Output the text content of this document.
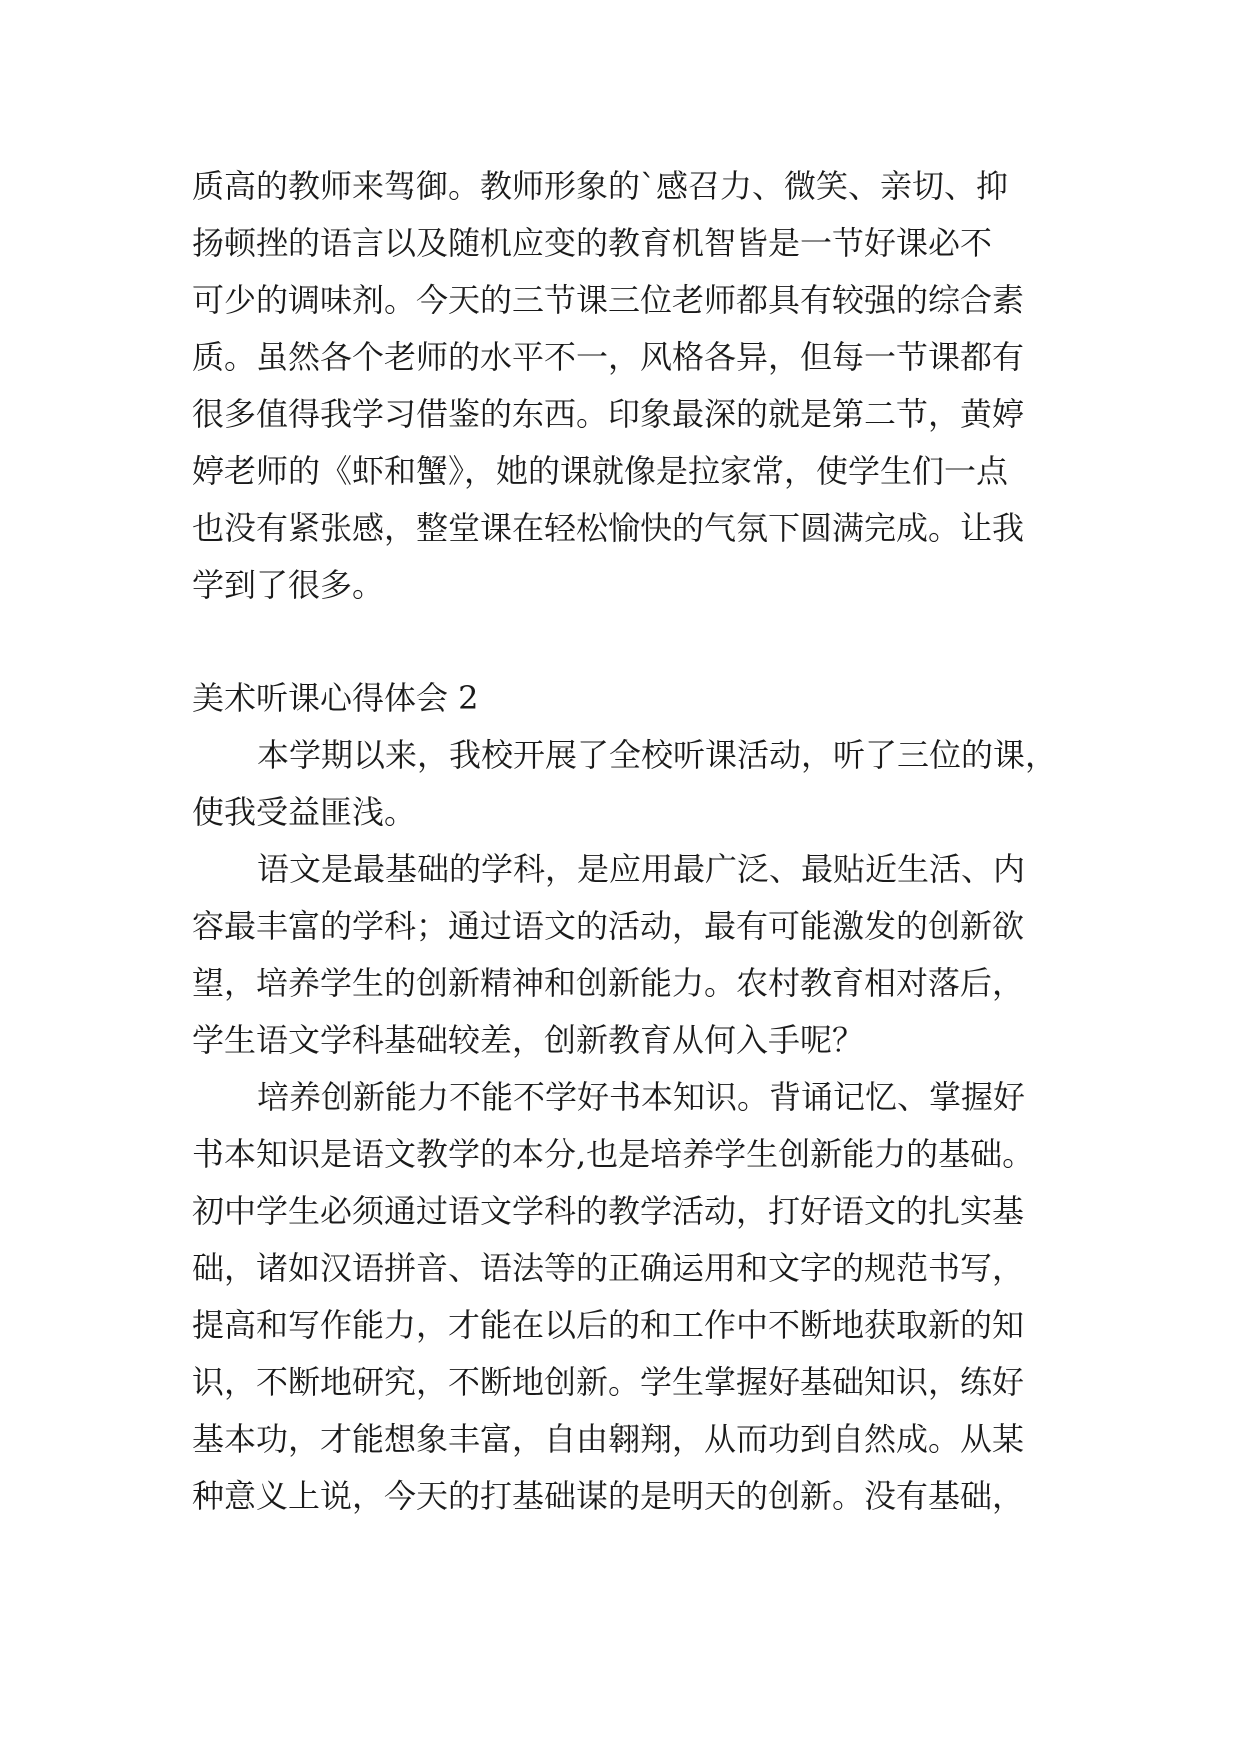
质高的教师来驾御。教师形象的`感召力、微笑、亲切、抑
扬顿挫的语言以及随机应变的教育机智皆是一节好课必不
可少的调味剂。今天的三节课三位老师都具有较强的综合素
质。虽然各个老师的水平不一，风格各异，但每一节课都有
很多值得我学习借鉴的东西。印象最深的就是第二节，黄婷
婷老师的《虾和蟹》，她的课就像是拉家常，使学生们一点
也没有紧张感，整堂课在轻松愉快的气氛下圆满完成。让我
学到了很多。
美术听课心得体会 2
本学期以来，我校开展了全校听课活动，听了三位的课，
使我受益匪浅。
语文是最基础的学科，是应用最广泛、最贴近生活、内
容最丰富的学科；通过语文的活动，最有可能激发的创新欲
望，培养学生的创新精神和创新能力。农村教育相对落后，
学生语文学科基础较差，创新教育从何入手呢？
培养创新能力不能不学好书本知识。背诵记忆、掌握好
书本知识是语文教学的本分,也是培养学生创新能力的基础。
初中学生必须通过语文学科的教学活动，打好语文的扎实基
础，诸如汉语拼音、语法等的正确运用和文字的规范书写，
提高和写作能力，才能在以后的和工作中不断地获取新的知
识，不断地研究，不断地创新。学生掌握好基础知识，练好
基本功，才能想象丰富，自由翱翔，从而功到自然成。从某
种意义上说，今天的打基础谋的是明天的创新。没有基础，
